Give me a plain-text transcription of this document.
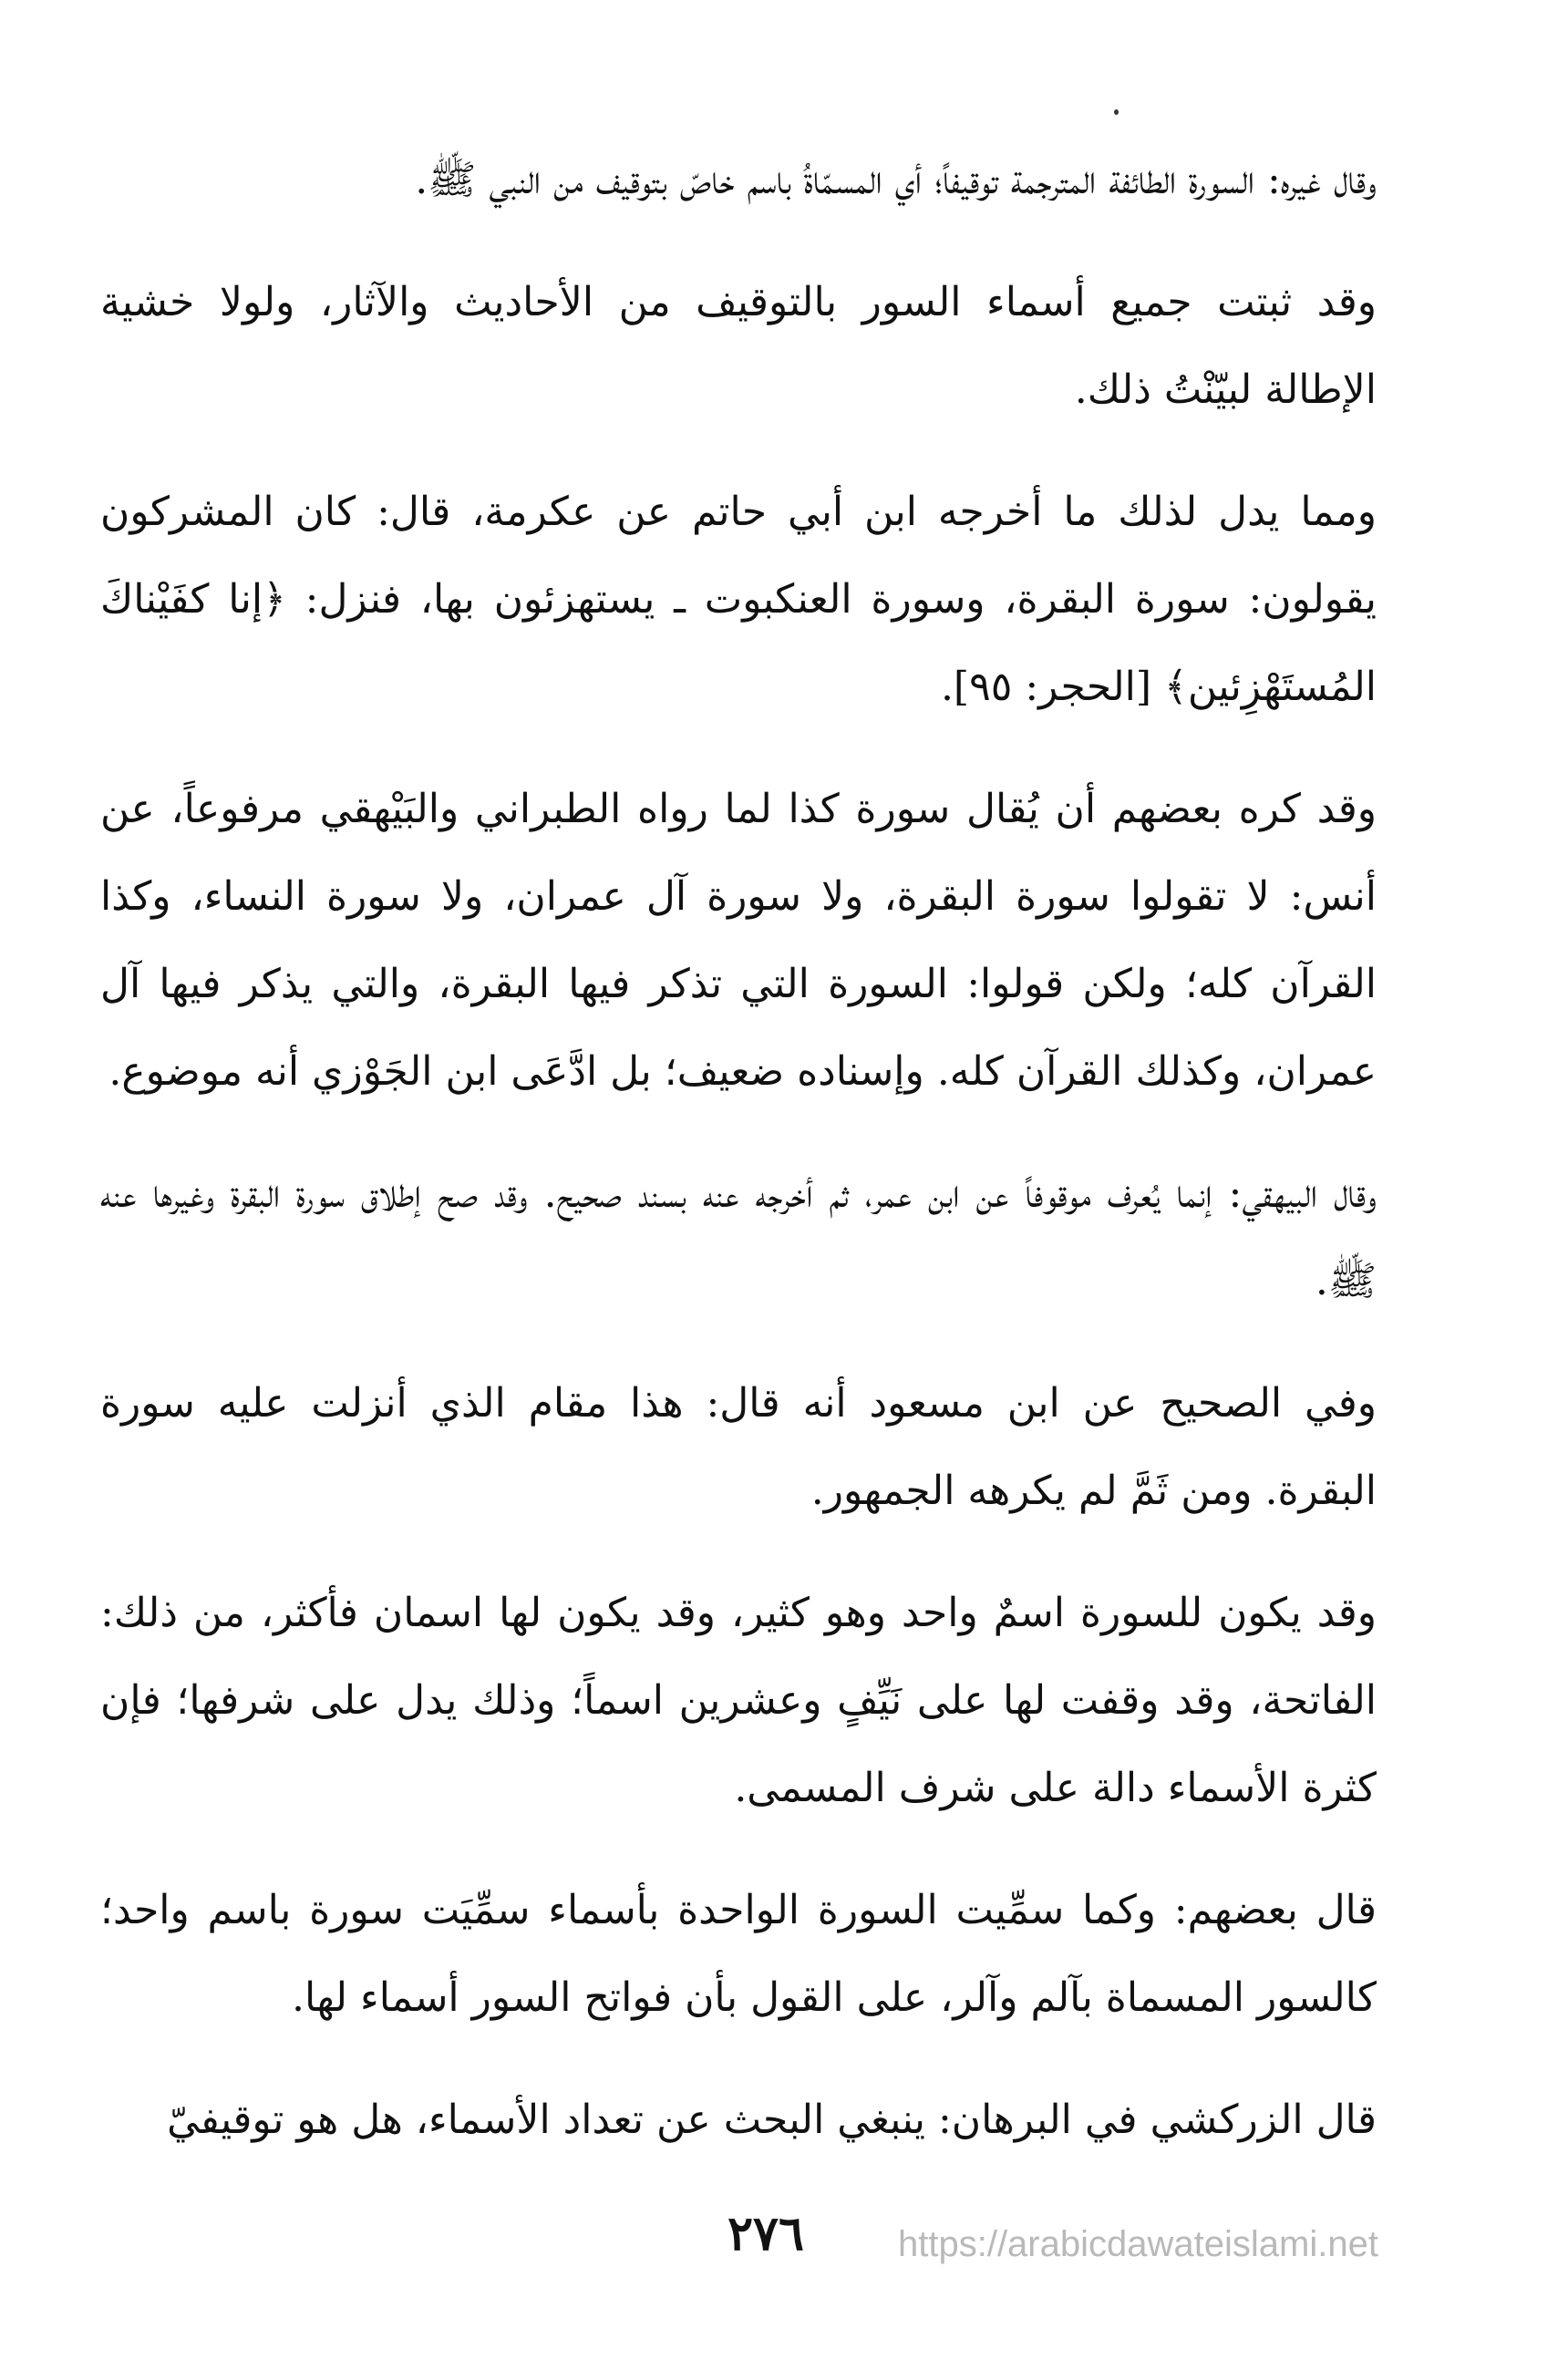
وقال غيره: السورة الطائفة المترجمة توقيفاً؛ أي المسمّاةُ باسم خاصّ بتوقيف من النبي ﷺ.

وقد ثبتت جميع أسماء السور بالتوقيف من الأحاديث والآثار، ولولا خشية الإطالة لبيّنْتُ ذلك.

ومما يدل لذلك ما أخرجه ابن أبي حاتم عن عكرمة، قال: كان المشركون يقولون: سورة البقرة، وسورة العنكبوت ـ يستهزئون بها، فنزل: ﴿إنا كفَيْناكَ المُستَهْزِئين﴾ [الحجر: ٩٥].

وقد كره بعضهم أن يُقال سورة كذا لما رواه الطبراني والبَيْهقي مرفوعاً، عن أنس: لا تقولوا سورة البقرة، ولا سورة آل عمران، ولا سورة النساء، وكذا القرآن كله؛ ولكن قولوا: السورة التي تذكر فيها البقرة، والتي يذكر فيها آل عمران، وكذلك القرآن كله. وإسناده ضعيف؛ بل ادَّعَى ابن الجَوْزي أنه موضوع.

وقال البيهقي: إنما يُعرف موقوفاً عن ابن عمر، ثم أخرجه عنه بسند صحيح. وقد صح إطلاق سورة البقرة وغيرها عنه ﷺ.

وفي الصحيح عن ابن مسعود أنه قال: هذا مقام الذي أنزلت عليه سورة البقرة. ومن ثَمَّ لم يكرهه الجمهور.

وقد يكون للسورة اسمٌ واحد وهو كثير، وقد يكون لها اسمان فأكثر، من ذلك: الفاتحة، وقد وقفت لها على نَيِّفٍ وعشرين اسماً؛ وذلك يدل على شرفها؛ فإن كثرة الأسماء دالة على شرف المسمى.

قال بعضهم: وكما سمِّيت السورة الواحدة بأسماء سمِّيَت سورة باسم واحد؛ كالسور المسماة بآلم وآلر، على القول بأن فواتح السور أسماء لها.

قال الزركشي في البرهان: ينبغي البحث عن تعداد الأسماء، هل هو توقيفيّ

٢٧٦	https://arabicdawateislami.net
